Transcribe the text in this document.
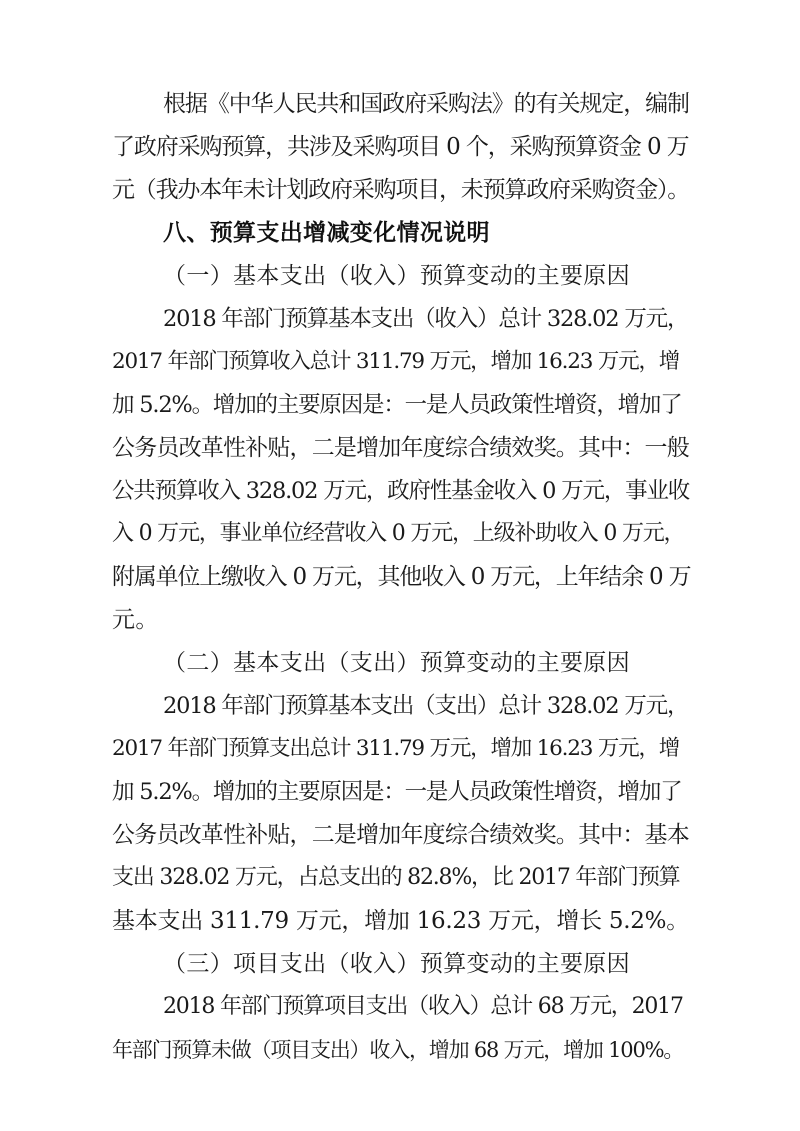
根据《中华人民共和国政府采购法》的有关规定，编制
了政府采购预算，共涉及采购项目 0 个，采购预算资金 0 万
元（我办本年未计划政府采购项目，未预算政府采购资金）。
八、预算支出增减变化情况说明
（一）基本支出（收入）预算变动的主要原因
2018 年部门预算基本支出（收入）总计 328.02 万元，
2017 年部门预算收入总计 311.79 万元，增加 16.23 万元，增
加 5.2%。增加的主要原因是：一是人员政策性增资，增加了
公务员改革性补贴，二是增加年度综合绩效奖。其中：一般
公共预算收入 328.02 万元，政府性基金收入 0 万元，事业收
入 0 万元，事业单位经营收入 0 万元，上级补助收入 0 万元，
附属单位上缴收入 0 万元，其他收入 0 万元，上年结余 0 万
元。
（二）基本支出（支出）预算变动的主要原因
2018 年部门预算基本支出（支出）总计 328.02 万元，
2017 年部门预算支出总计 311.79 万元，增加 16.23 万元，增
加 5.2%。增加的主要原因是：一是人员政策性增资，增加了
公务员改革性补贴，二是增加年度综合绩效奖。其中：基本
支出 328.02 万元，占总支出的 82.8%，比 2017 年部门预算
基本支出 311.79 万元，增加 16.23 万元，增长 5.2%。
（三）项目支出（收入）预算变动的主要原因
2018 年部门预算项目支出（收入）总计 68 万元，2017
年部门预算未做（项目支出）收入，增加 68 万元，增加 100%。
